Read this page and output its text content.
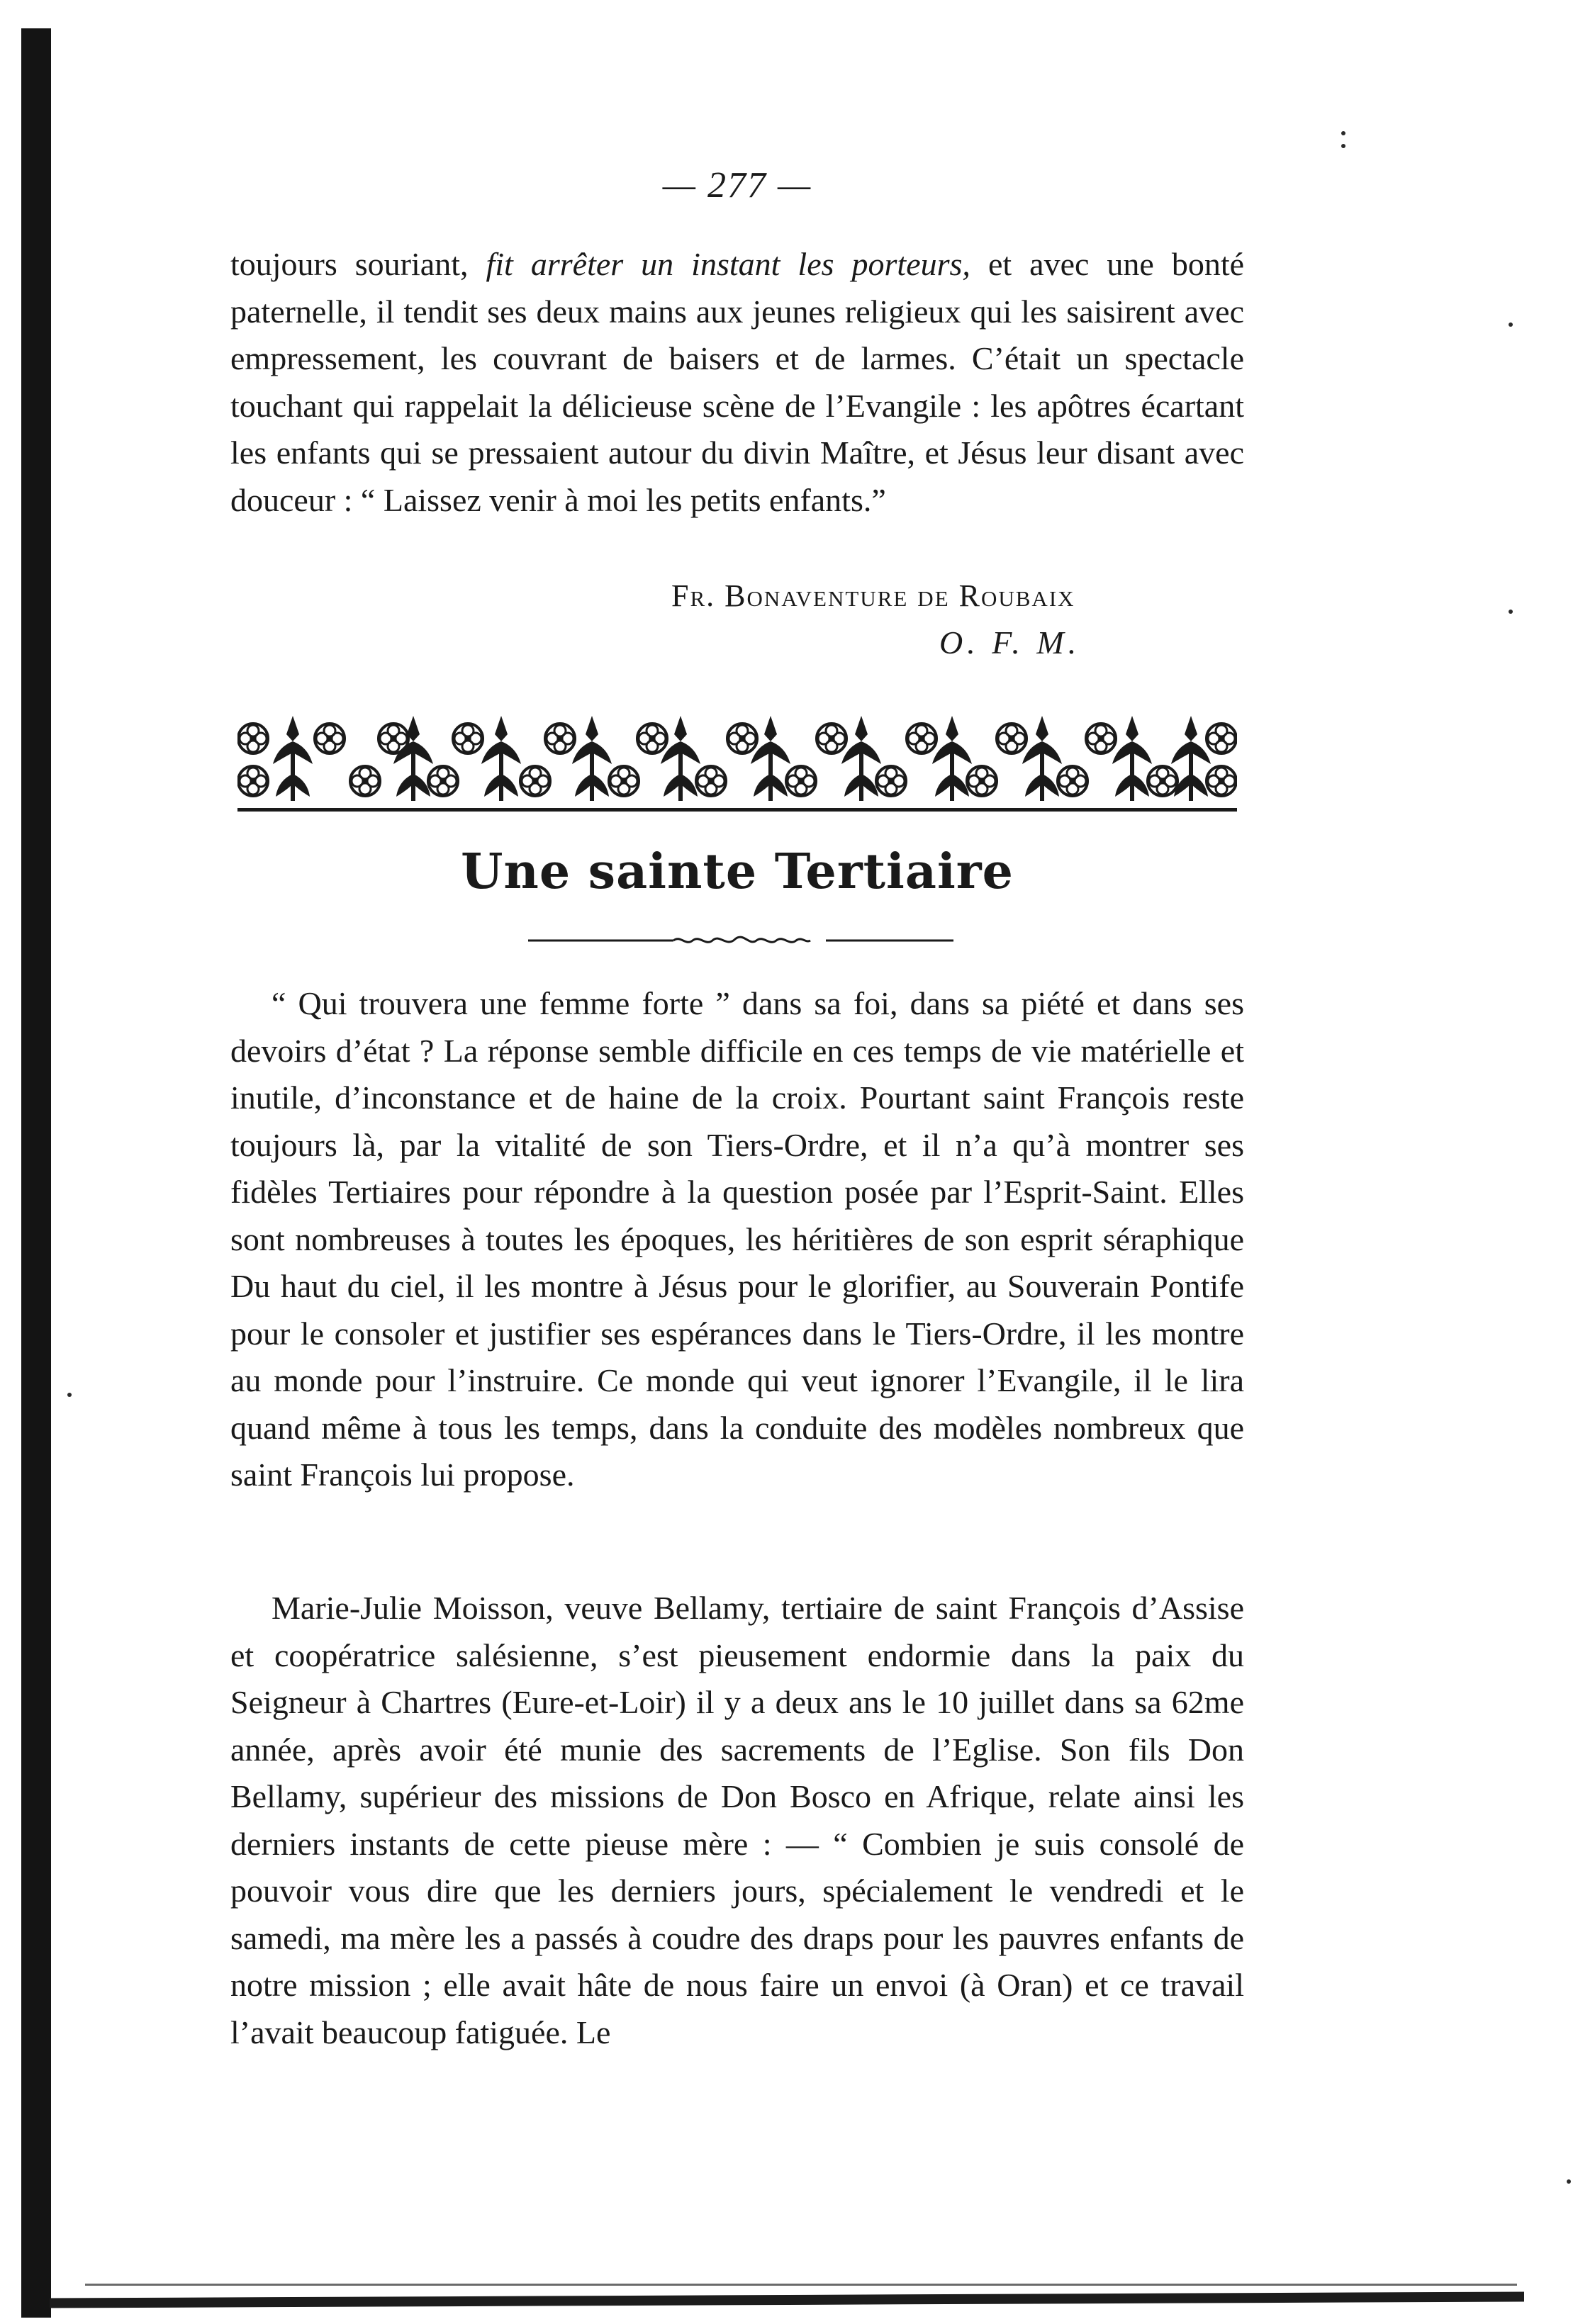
— 277 —

toujours souriant, fit arrêter un instant les porteurs, et avec une bonté paternelle, il tendit ses deux mains aux jeunes religieux qui les saisirent avec empressement, les couvrant de baisers et de larmes. C’était un spectacle touchant qui rappelait la délicieuse scène de l’Evangile : les apôtres écartant les enfants qui se pressaient autour du divin Maître, et Jésus leur disant avec douceur : “ Laissez venir à moi les petits enfants.”

Fr. Bonaventure de Roubaix
O. F. M.
Une sainte Tertiaire

“ Qui trouvera une femme forte ” dans sa foi, dans sa piété et dans ses devoirs d’état ? La réponse semble difficile en ces temps de vie matérielle et inutile, d’inconstance et de haine de la croix. Pourtant saint François reste toujours là, par la vitalité de son Tiers-Ordre, et il n’a qu’à montrer ses fidèles Tertiaires pour répondre à la question posée par l’Esprit-Saint. Elles sont nombreuses à toutes les époques, les héritières de son esprit séraphique Du haut du ciel, il les montre à Jésus pour le glorifier, au Souverain Pontife pour le consoler et justifier ses espérances dans le Tiers-Ordre, il les montre au monde pour l’instruire. Ce monde qui veut ignorer l’Evangile, il le lira quand même à tous les temps, dans la conduite des modèles nombreux que saint François lui propose.

Marie-Julie Moisson, veuve Bellamy, tertiaire de saint François d’Assise et coopératrice salésienne, s’est pieusement endormie dans la paix du Seigneur à Chartres (Eure-et-Loir) il y a deux ans le 10 juillet dans sa 62me année, après avoir été munie des sacrements de l’Eglise. Son fils Don Bellamy, supérieur des missions de Don Bosco en Afrique, relate ainsi les derniers instants de cette pieuse mère : — “ Combien je suis consolé de pouvoir vous dire que les derniers jours, spécialement le vendredi et le samedi, ma mère les a passés à coudre des draps pour les pauvres enfants de notre mission ; elle avait hâte de nous faire un envoi (à Oran) et ce travail l’avait beaucoup fatiguée. Le
